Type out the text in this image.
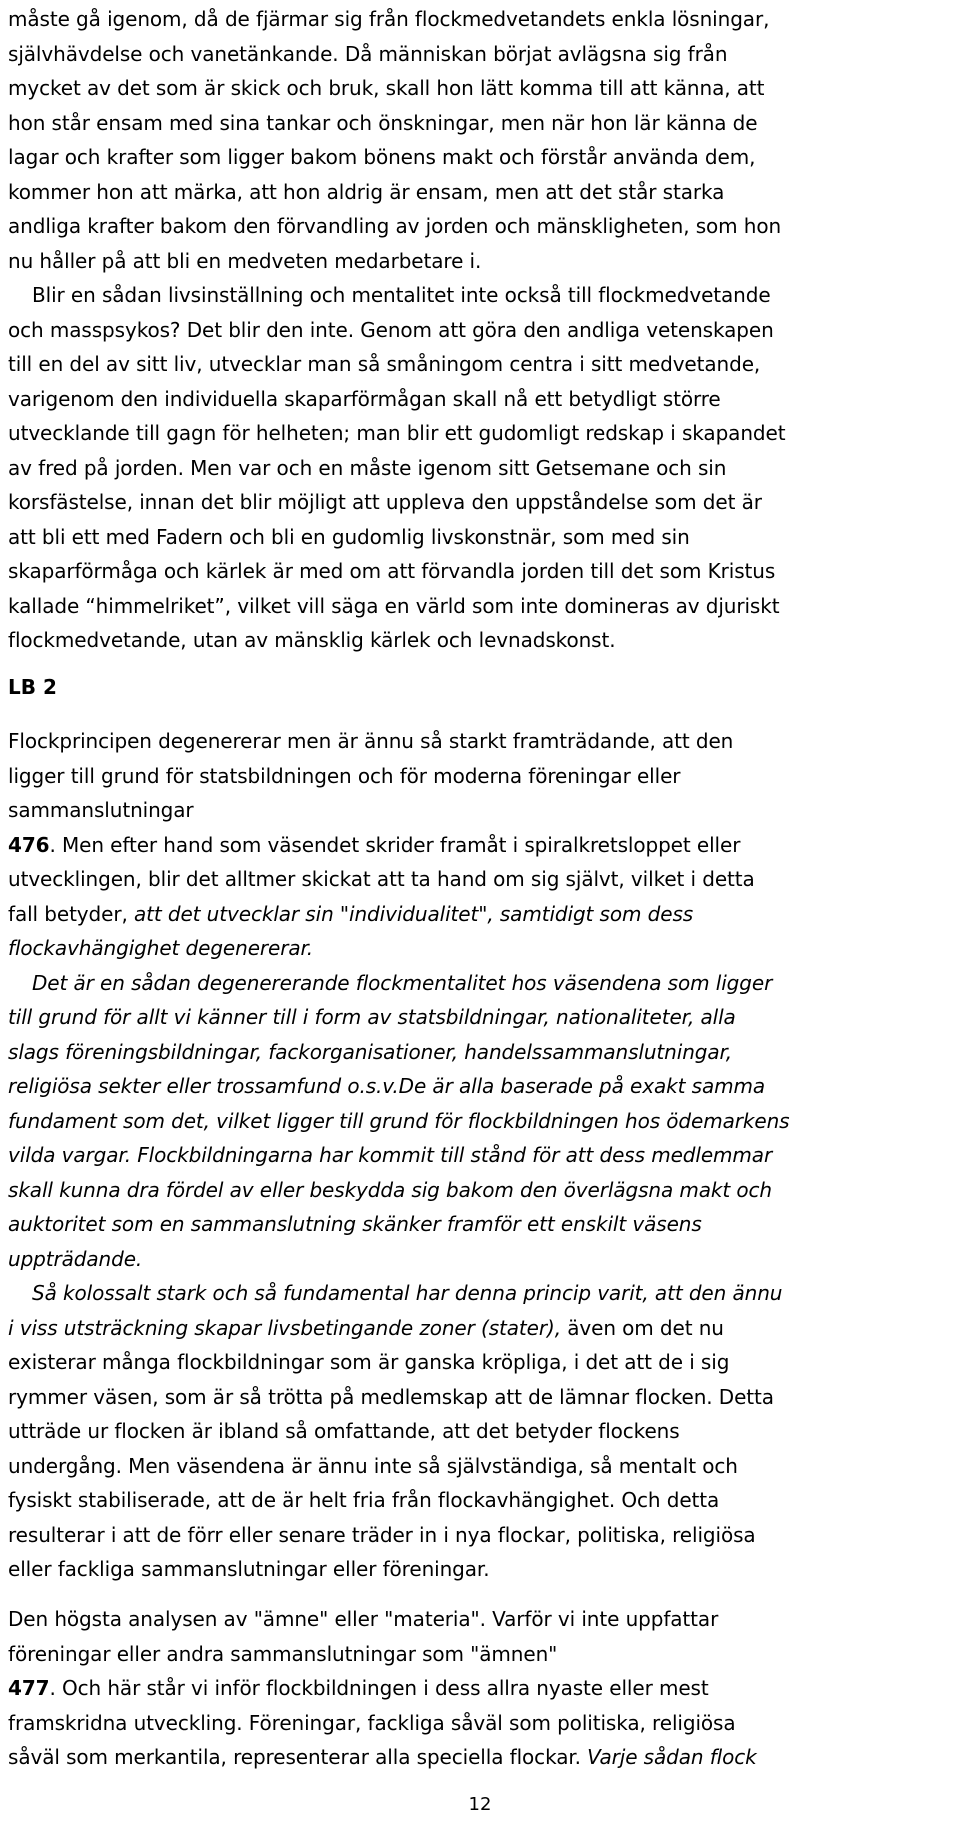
måste gå igenom, då de fjärmar sig från flockmedvetandets enkla lösningar,
självhävdelse och vanetänkande. Då människan börjat avlägsna sig från
mycket av det som är skick och bruk, skall hon lätt komma till att känna, att
hon står ensam med sina tankar och önskningar, men när hon lär känna de
lagar och krafter som ligger bakom bönens makt och förstår använda dem,
kommer hon att märka, att hon aldrig är ensam, men att det står starka
andliga krafter bakom den förvandling av jorden och mänskligheten, som hon
nu håller på att bli en medveten medarbetare i.
Blir en sådan livsinställning och mentalitet inte också till flockmedvetande
och masspsykos? Det blir den inte. Genom att göra den andliga vetenskapen
till en del av sitt liv, utvecklar man så småningom centra i sitt medvetande,
varigenom den individuella skaparförmågan skall nå ett betydligt större
utvecklande till gagn för helheten; man blir ett gudomligt redskap i skapandet
av fred på jorden. Men var och en måste igenom sitt Getsemane och sin
korsfästelse, innan det blir möjligt att uppleva den uppståndelse som det är
att bli ett med Fadern och bli en gudomlig livskonstnär, som med sin
skaparförmåga och kärlek är med om att förvandla jorden till det som Kristus
kallade “himmelriket”, vilket vill säga en värld som inte domineras av djuriskt
flockmedvetande, utan av mänsklig kärlek och levnadskonst.
LB 2
Flockprincipen degenererar men är ännu så starkt framträdande, att den
ligger till grund för statsbildningen och för moderna föreningar eller
sammanslutningar
476. Men efter hand som väsendet skrider framåt i spiralkretsloppet eller
utvecklingen, blir det alltmer skickat att ta hand om sig självt, vilket i detta
fall betyder, att det utvecklar sin "individualitet", samtidigt som dess
flockavhängighet degenererar.
Det är en sådan degenererande flockmentalitet hos väsendena som ligger
till grund för allt vi känner till i form av statsbildningar, nationaliteter, alla
slags föreningsbildningar, fackorganisationer, handelssammanslutningar,
religiösa sekter eller trossamfund o.s.v.De är alla baserade på exakt samma
fundament som det, vilket ligger till grund för flockbildningen hos ödemarkens
vilda vargar. Flockbildningarna har kommit till stånd för att dess medlemmar
skall kunna dra fördel av eller beskydda sig bakom den överlägsna makt och
auktoritet som en sammanslutning skänker framför ett enskilt väsens
uppträdande.
Så kolossalt stark och så fundamental har denna princip varit, att den ännu
i viss utsträckning skapar livsbetingande zoner (stater), även om det nu
existerar många flockbildningar som är ganska kröpliga, i det att de i sig
rymmer väsen, som är så trötta på medlemskap att de lämnar flocken. Detta
utträde ur flocken är ibland så omfattande, att det betyder flockens
undergång. Men väsendena är ännu inte så självständiga, så mentalt och
fysiskt stabiliserade, att de är helt fria från flockavhängighet. Och detta
resulterar i att de förr eller senare träder in i nya flockar, politiska, religiösa
eller fackliga sammanslutningar eller föreningar.
Den högsta analysen av "ämne" eller "materia". Varför vi inte uppfattar
föreningar eller andra sammanslutningar som "ämnen"
477. Och här står vi inför flockbildningen i dess allra nyaste eller mest
framskridna utveckling. Föreningar, fackliga såväl som politiska, religiösa
såväl som merkantila, representerar alla speciella flockar. Varje sådan flock
12
